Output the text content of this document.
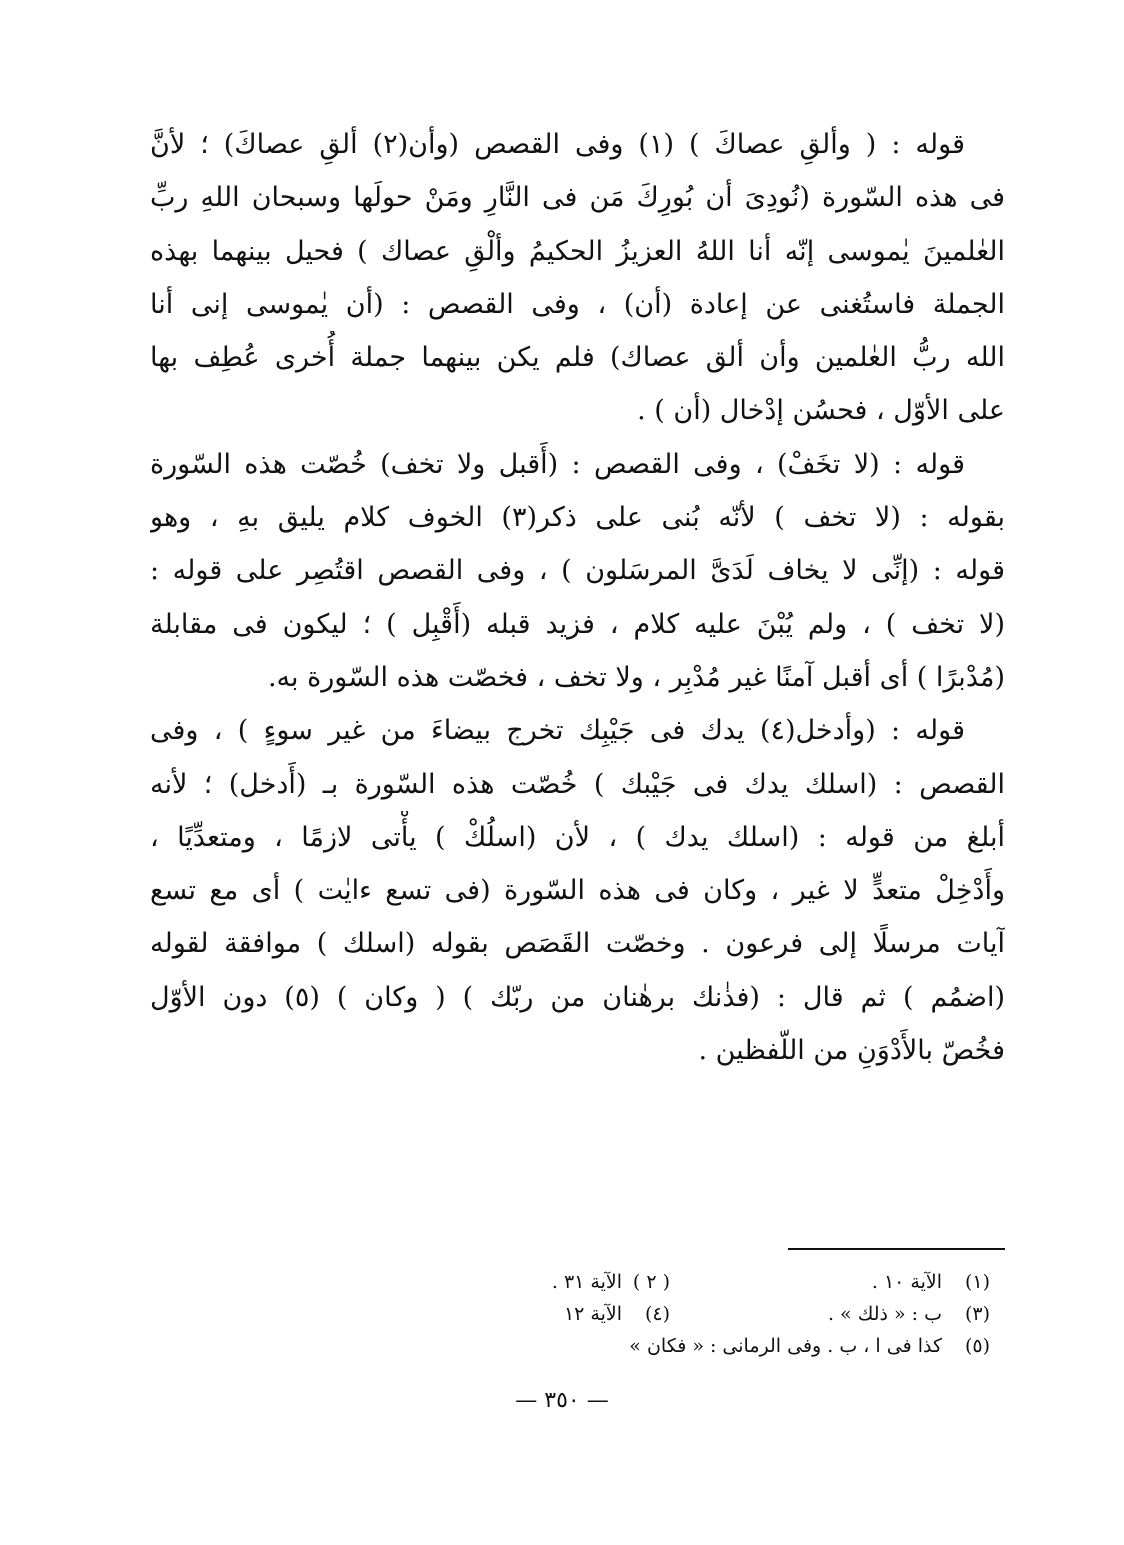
قوله : ( وألقِ عصاكَ ) (١) وفى القصص (وأن(٢) ألقِ عصاكَ) ؛ لأنَّ
فى هذه السّورة (نُودِىَ أن بُورِكَ مَن فى النَّارِ ومَنْ حولَها وسبحان اللهِ ربِّ
العٰلمينَ يٰموسى إنّه أنا اللهُ العزيزُ الحكيمُ وألْقِ عصاك ) فحيل بينهما بهذه
الجملة فاستُغنى عن إعادة (أن) ، وفى القصص : (أن يٰموسى إنى أنا
الله ربُّ العٰلمين وأن ألق عصاك) فلم يكن بينهما جملة أُخرى عُطِف بها
على الأوّل ، فحسُن إدْخال (أن ) .
قوله : (لا تخَفْ) ، وفى القصص : (أَقبل ولا تخف) خُصّت هذه السّورة
بقوله : (لا تخف ) لأنّه بُنى على ذكر(٣) الخوف كلام يليق بهِ ، وهو
قوله : (إنِّى لا يخاف لَدَىَّ المرسَلون ) ، وفى القصص اقتُصِر على قوله :
(لا تخف ) ، ولم يُبْنَ عليه كلام ، فزيد قبله (أَقْبِل ) ؛ ليكون فى مقابلة
(مُدْبرًا ) أى أقبل آمنًا غير مُدْبِر ، ولا تخف ، فخصّت هذه السّورة به.
قوله : (وأدخل(٤) يدك فى جَيْبِك تخرج بيضاءَ من غير سوءٍ ) ، وفى
القصص : (اسلك يدك فى جَيْبك ) خُصّت هذه السّورة بـ (أَدخل) ؛ لأنه
أبلغ من قوله : (اسلك يدك ) ، لأن (اسلُكْ ) يأْتى لازمًا ، ومتعدِّيًا ،
وأَدْخِلْ متعدٍّ لا غير ، وكان فى هذه السّورة (فى تسع ءايٰت ) أى مع تسع
آيات مرسلًا إلى فرعون . وخصّت القَصَص بقوله (اسلك ) موافقة لقوله
(اضمُم ) ثم قال : (فذٰنك برهٰنان من ربّك ) ( وكان ) (٥) دون الأوّل
فخُصّ بالأَدْوَنِ من اللّفظين .
(١)
الآية ١٠ .
( ٢ )
الآية ٣١ .
(٣)
ب : « ذلك » .
(٤)
الآية ١٢
(٥)
كذا فى ا ، ب . وفى الرمانى : « فكان »
— ٣٥٠ —
